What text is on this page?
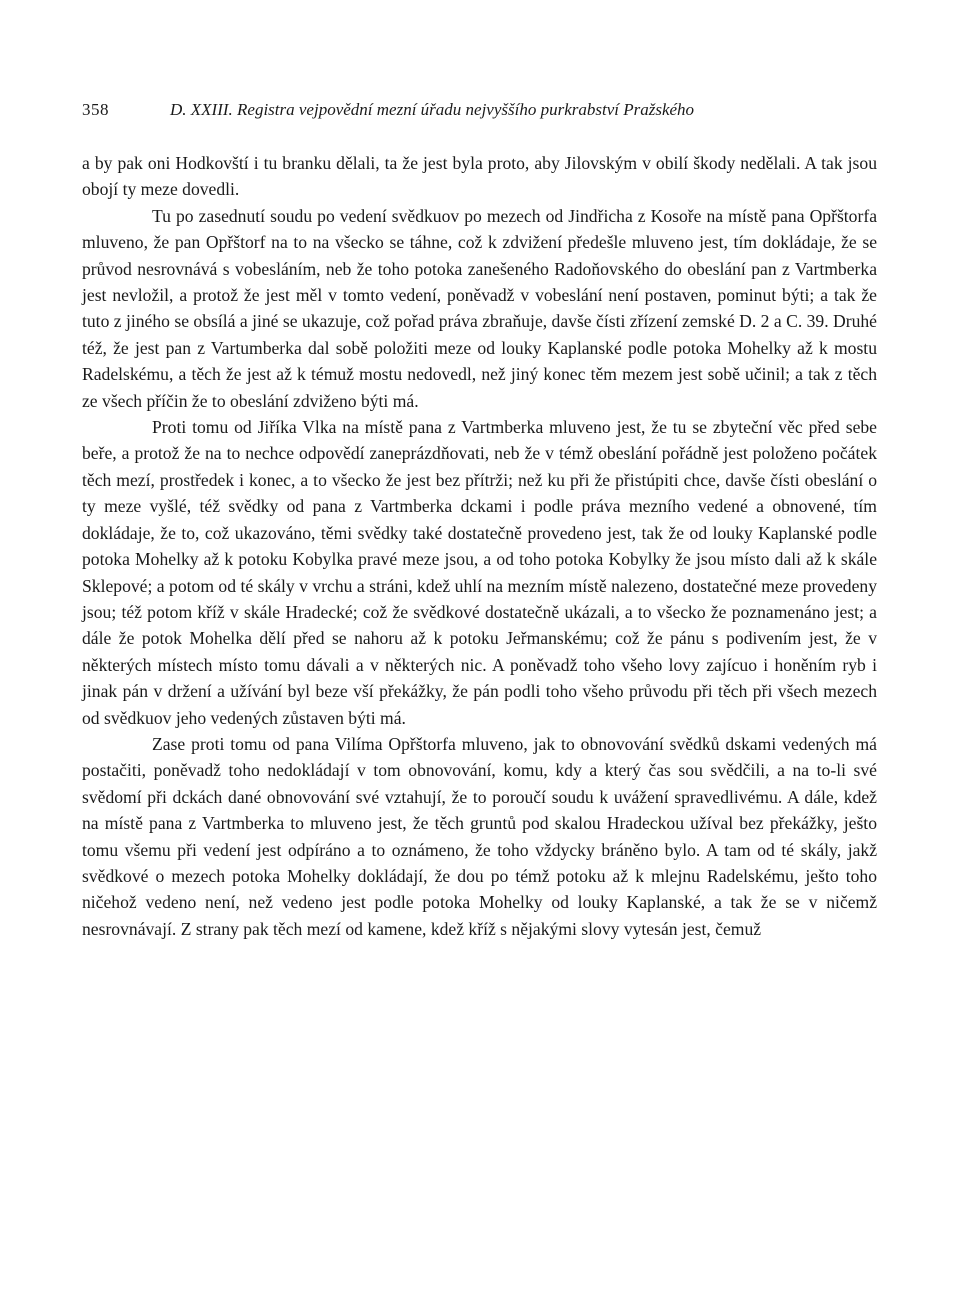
358	D. XXIII. Registra vejpovědní mezní úřadu nejvyššího purkrabství Pražského

a by pak oni Hodkovští i tu branku dělali, ta že jest byla proto, aby Jilovským v obilí škody nedělali. A tak jsou obojí ty meze dovedli.

Tu po zasednutí soudu po vedení svědkuov po mezech od Jindřicha z Kosoře na místě pana Opřštorfa mluveno, že pan Opřštorf na to na všecko se táhne, což k zdvižení předešle mluveno jest, tím dokládaje, že se průvod nesrovnává s vobesláním, neb že toho potoka zanešeného Radoňovského do obeslání pan z Vartmberka jest nevložil, a protož že jest měl v tomto vedení, poněvadž v vobeslání není postaven, pominut býti; a tak že tuto z jiného se obsílá a jiné se ukazuje, což pořad práva zbraňuje, davše čísti zřízení zemské D. 2 a C. 39. Druhé též, že jest pan z Vartumberka dal sobě položiti meze od louky Kaplanské podle potoka Mohelky až k mostu Radelskému, a těch že jest až k témuž mostu nedovedl, než jiný konec těm mezem jest sobě učinil; a tak z těch ze všech příčin že to obeslání zdviženo býti má.

Proti tomu od Jiříka Vlka na místě pana z Vartmberka mluveno jest, že tu se zbyteční věc před sebe beře, a protož že na to nechce odpovědí zaneprázdňovati, neb že v témž obeslání pořádně jest položeno počátek těch mezí, prostředek i konec, a to všecko že jest bez přítrži; než ku při že přistúpiti chce, davše čísti obeslání o ty meze vyšlé, též svědky od pana z Vartmberka dckami i podle práva mezního vedené a obnovené, tím dokládaje, že to, což ukazováno, těmi svědky také dostatečně provedeno jest, tak že od louky Kaplanské podle potoka Mohelky až k potoku Kobylka pravé meze jsou, a od toho potoka Kobylky že jsou místo dali až k skále Sklepové; a potom od té skály v vrchu a stráni, kdež uhlí na mezním místě nalezeno, dostatečné meze provedeny jsou; též potom kříž v skále Hradecké; což že svědkové dostatečně ukázali, a to všecko že poznamenáno jest; a dále že potok Mohelka dělí před se nahoru až k potoku Jeřmanskému; což že pánu s podivením jest, že v některých místech místo tomu dávali a v některých nic. A poněvadž toho všeho lovy zajícuo i honěním ryb i jinak pán v držení a užívání byl beze vší překážky, že pán podli toho všeho průvodu při těch při všech mezech od svědkuov jeho vedených zůstaven býti má.

Zase proti tomu od pana Vilíma Opřštorfa mluveno, jak to obnovování svědků dskami vedených má postačiti, poněvadž toho nedokládají v tom obnovování, komu, kdy a který čas sou svědčili, a na to-li své svědomí při dckách dané obnovování své vztahují, že to poroučí soudu k uvážení spravedlivému. A dále, kdež na místě pana z Vartmberka to mluveno jest, že těch gruntů pod skalou Hradeckou užíval bez překážky, ješto tomu všemu při vedení jest odpíráno a to oznámeno, že toho vždycky bráněno bylo. A tam od té skály, jakž svědkové o mezech potoka Mohelky dokládají, že dou po témž potoku až k mlejnu Radelskému, ješto toho ničehož vedeno není, než vedeno jest podle potoka Mohelky od louky Kaplanské, a tak že se v ničemž nesrovnávají. Z strany pak těch mezí od kamene, kdež kříž s nějakými slovy vytesán jest, čemuž
